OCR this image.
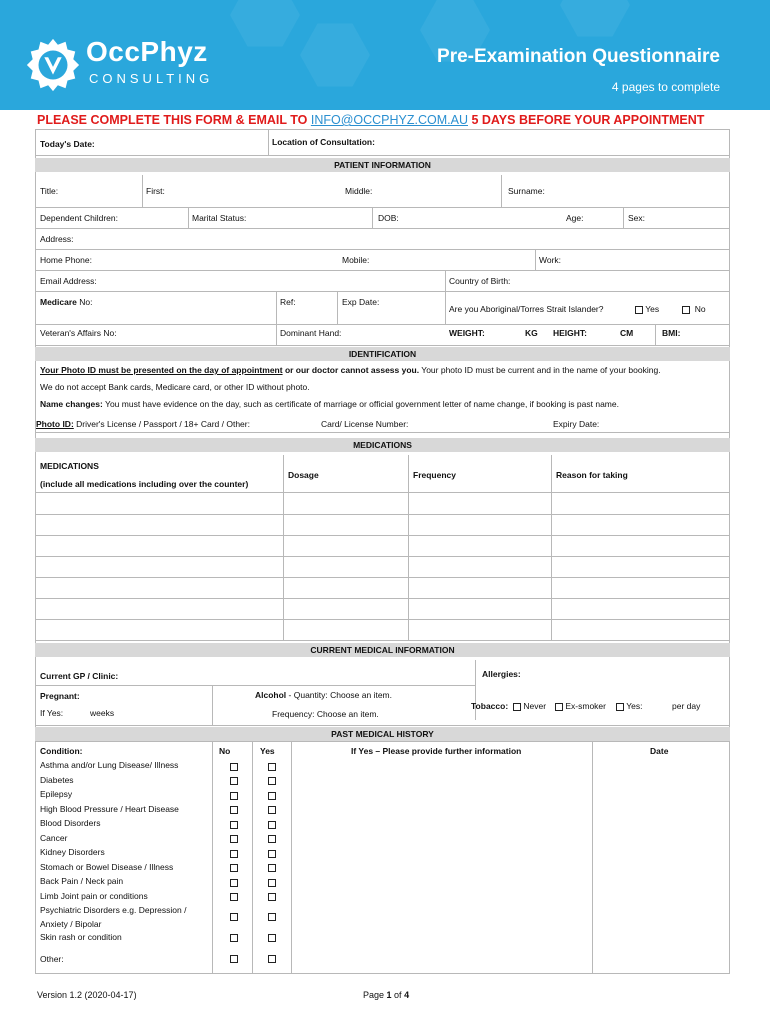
OccPhyz
CONSULTING
Pre-Examination Questionnaire
4 pages to complete
PLEASE COMPLETE THIS FORM & EMAIL TO INFO@OCCPHYZ.COM.AU 5 DAYS BEFORE YOUR APPOINTMENT
Today's Date:	Location of Consultation:
PATIENT INFORMATION
Title:	First:	Middle:	Surname:
Dependent Children:	Marital Status:	DOB:	Age:	Sex:
Address:
Home Phone:	Mobile:	Work:
Email Address:	Country of Birth:
Medicare No:	Ref:	Exp Date:
Are you Aboriginal/Torres Strait Islander?	Yes	No
Veteran's Affairs No:	Dominant Hand:	WEIGHT:	KG HEIGHT:	CM	BMI:
IDENTIFICATION
Your Photo ID must be presented on the day of appointment or our doctor cannot assess you. Your photo ID must be current and in the name of your booking.
We do not accept Bank cards, Medicare card, or other ID without photo.
Name changes: You must have evidence on the day, such as certificate of marriage or official government letter of name change, if booking is past name.
Photo ID: Driver's License / Passport / 18+ Card / Other:	Card/ License Number:	Expiry Date:
MEDICATIONS
MEDICATIONS
(include all medications including over the counter)
Dosage	Frequency	Reason for taking
CURRENT MEDICAL INFORMATION
Current GP / Clinic:	Allergies:
Pregnant:
If Yes:	weeks
Alcohol - Quantity: Choose an item.
Frequency: Choose an item.
Tobacco:	Never	Ex-smoker	Yes:	per day
PAST MEDICAL HISTORY
Condition:	No	Yes	If Yes – Please provide further information	Date
Asthma and/or Lung Disease/ Illness
Diabetes
Epilepsy
High Blood Pressure / Heart Disease
Blood Disorders
Cancer
Kidney Disorders
Stomach or Bowel Disease / Illness
Back Pain / Neck pain
Limb Joint pain or conditions
Psychiatric Disorders e.g. Depression /
Anxiety / Bipolar
Skin rash or condition
Other:
Version 1.2 (2020-04-17)	Page 1 of 4
